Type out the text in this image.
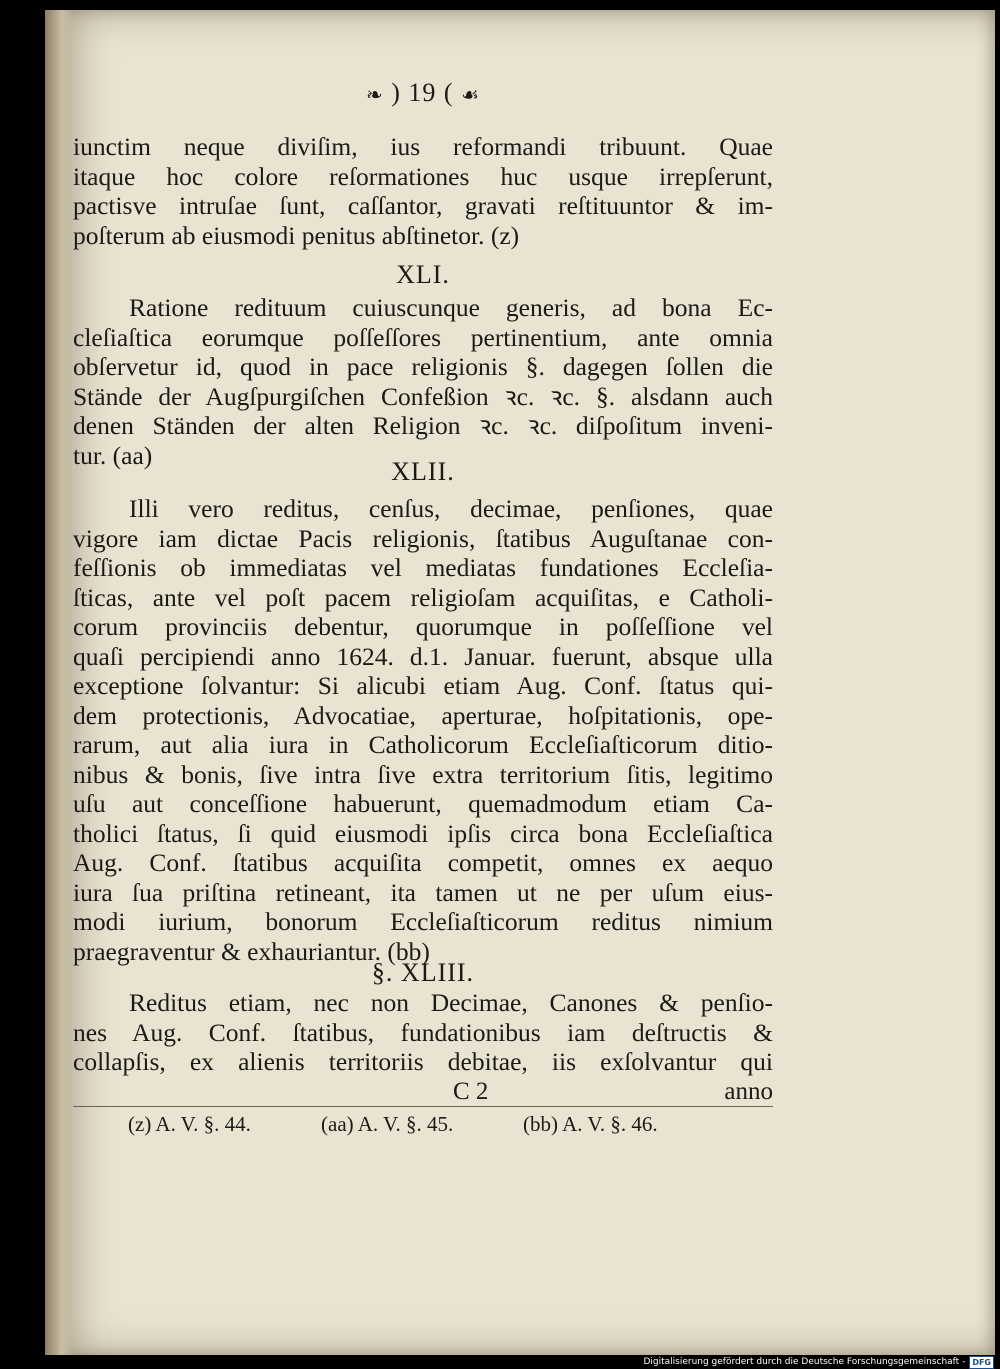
❧ ) 19 ( ☙
iunctim neque diviſim, ius reformandi tribuunt. Quae
itaque hoc colore reſormationes huc usque irrepſerunt,
pactisve intruſae ſunt, caſſantor, gravati reſtituuntor & im-
poſterum ab eiusmodi penitus abſtinetor. (z)
XLI.
Ratione redituum cuiuscunque generis, ad bona Ec-
cleſiaſtica eorumque poſſeſſores pertinentium, ante omnia
obſervetur id, quod in pace religionis §. dagegen ſollen die
Stände der Augſpurgiſchen Confeßion ꝛc. ꝛc. §. alsdann auch
denen Ständen der alten Religion ꝛc. ꝛc. diſpoſitum inveni-
tur. (aa)
XLII.
Illi vero reditus, cenſus, decimae, penſiones, quae
vigore iam dictae Pacis religionis, ſtatibus Auguſtanae con-
feſſionis ob immediatas vel mediatas fundationes Eccleſia-
ſticas, ante vel poſt pacem religioſam acquiſitas, e Catholi-
corum provinciis debentur, quorumque in poſſeſſione vel
quaſi percipiendi anno 1624. d.1. Januar. fuerunt, absque ulla
exceptione ſolvantur: Si alicubi etiam Aug. Conf. ſtatus qui-
dem protectionis, Advocatiae, aperturae, hoſpitationis, ope-
rarum, aut alia iura in Catholicorum Eccleſiaſticorum ditio-
nibus & bonis, ſive intra ſive extra territorium ſitis, legitimo
uſu aut conceſſione habuerunt, quemadmodum etiam Ca-
tholici ſtatus, ſi quid eiusmodi ipſis circa bona Eccleſiaſtica
Aug. Conf. ſtatibus acquiſita competit, omnes ex aequo
iura ſua priſtina retineant, ita tamen ut ne per uſum eius-
modi iurium, bonorum Eccleſiaſticorum reditus nimium
praegraventur & exhauriantur. (bb)
§. XLIII.
Reditus etiam, nec non Decimae, Canones & penſio-
nes Aug. Conf. ſtatibus, fundationibus iam deſtructis &
collapſis, ex alienis territoriis debitae, iis exſolvantur qui
C 2	anno
(z) A. V. §. 44.	(aa) A. V. §. 45.	(bb) A. V. §. 46.
Digitalisierung gefördert durch die Deutsche Forschungsgemeinschaft - DFG
